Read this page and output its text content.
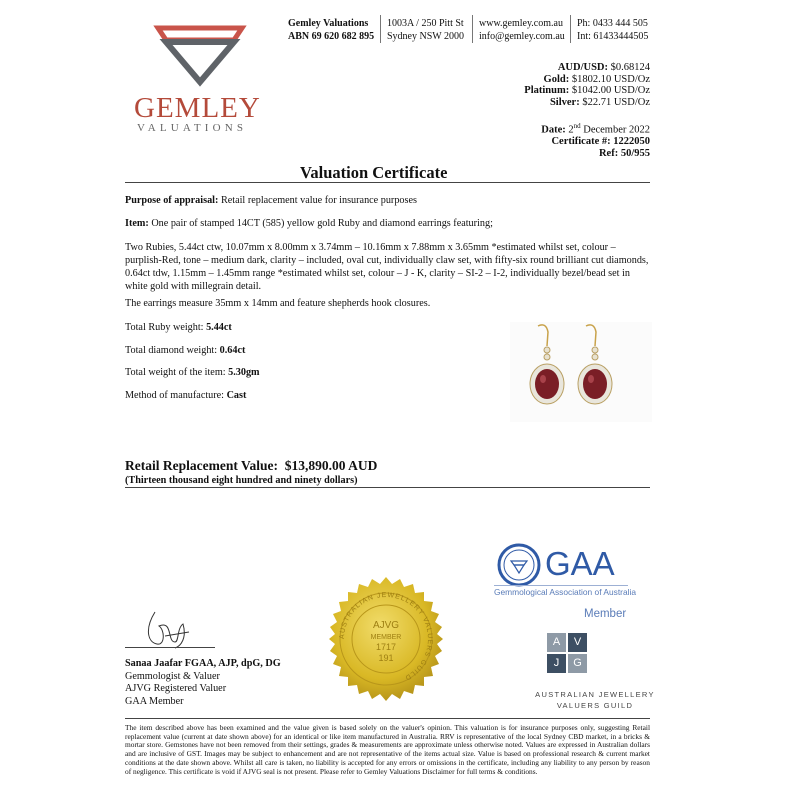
GEMLEY
VALUATIONS
Gemley Valuations
ABN 69 620 682 895
1003A / 250 Pitt St
Sydney NSW 2000
www.gemley.com.au
info@gemley.com.au
Ph: 0433 444 505
Int: 61433444505
AUD/USD: $0.68124
Gold: $1802.10 USD/Oz
Platinum: $1042.00 USD/Oz
Silver: $22.71 USD/Oz
Date: 2nd December 2022
Certificate #: 1222050
Ref: 50/955
Valuation Certificate
Purpose of appraisal: Retail replacement value for insurance purposes
Item: One pair of stamped 14CT (585) yellow gold Ruby and diamond earrings featuring;
Two Rubies, 5.44ct ctw, 10.07mm x 8.00mm x 3.74mm – 10.16mm x 7.88mm x 3.65mm *estimated whilst set, colour – purplish-Red, tone – medium dark, clarity – included, oval cut, individually claw set, with fifty-six round brilliant cut diamonds, 0.64ct tdw, 1.15mm – 1.45mm range *estimated whilst set, colour – J - K, clarity – SI-2 – I-2, individually bezel/bead set in white gold with millegrain detail.
The earrings measure 35mm x 14mm and feature shepherds hook closures.
Total Ruby weight: 5.44ct
Total diamond weight: 0.64ct
Total weight of the item: 5.30gm
Method of manufacture: Cast
Retail Replacement Value: $13,890.00 AUD
(Thirteen thousand eight hundred and ninety dollars)
Sanaa Jaafar FGAA, AJP, dpG, DG
Gemmologist & Valuer
AJVG Registered Valuer
GAA Member
AUSTRALIAN JEWELLERY VALUERS GUILD
AJVG
MEMBER
1717
191
GAA
Gemmological Association of Australia
Member
A	V
J	G
AUSTRALIAN JEWELLERY
VALUERS GUILD
The item described above has been examined and the value given is based solely on the valuer's opinion. This valuation is for insurance purposes only, suggesting Retail replacement value (current at date shown above) for an identical or like item manufactured in Australia. RRV is representative of the local Sydney CBD market, in a bricks & mortar store. Gemstones have not been removed from their settings, grades & measurements are approximate unless otherwise noted. Values are expressed in Australian dollars and are inclusive of GST. Images may be subject to enhancement and are not representative of the items actual size. Value is based on professional research & current market conditions at the date shown above. Whilst all care is taken, no liability is accepted for any errors or omissions in the certificate, including any liability to any person by reason of negligence. This certificate is void if AJVG seal is not present. Please refer to Gemley Valuations Disclaimer for full terms & conditions.
